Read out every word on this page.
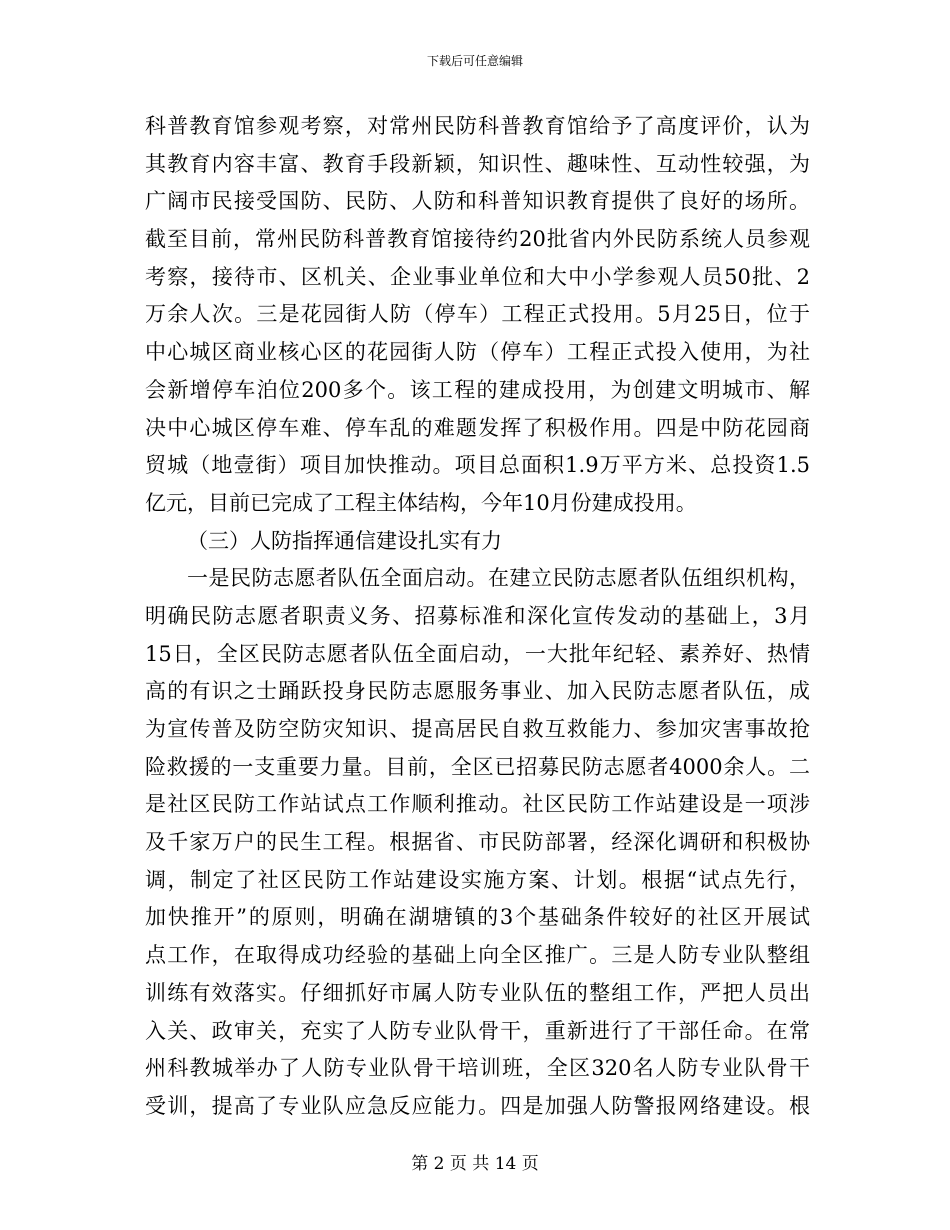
下载后可任意编辑
科普教育馆参观考察，对常州民防科普教育馆给予了高度评价，认为
其教育内容丰富、教育手段新颖，知识性、趣味性、互动性较强，为
广阔市民接受国防、民防、人防和科普知识教育提供了良好的场所。
截至目前，常州民防科普教育馆接待约20批省内外民防系统人员参观
考察，接待市、区机关、企业事业单位和大中小学参观人员50批、2
万余人次。三是花园街人防（停车）工程正式投用。5月25日，位于
中心城区商业核心区的花园街人防（停车）工程正式投入使用，为社
会新增停车泊位200多个。该工程的建成投用，为创建文明城市、解
决中心城区停车难、停车乱的难题发挥了积极作用。四是中防花园商
贸城（地壹街）项目加快推动。项目总面积1.9万平方米、总投资1.5
亿元，目前已完成了工程主体结构，今年10月份建成投用。
（三）人防指挥通信建设扎实有力
一是民防志愿者队伍全面启动。在建立民防志愿者队伍组织机构，
明确民防志愿者职责义务、招募标准和深化宣传发动的基础上，3月
15日，全区民防志愿者队伍全面启动，一大批年纪轻、素养好、热情
高的有识之士踊跃投身民防志愿服务事业、加入民防志愿者队伍，成
为宣传普及防空防灾知识、提高居民自救互救能力、参加灾害事故抢
险救援的一支重要力量。目前，全区已招募民防志愿者4000余人。二
是社区民防工作站试点工作顺利推动。社区民防工作站建设是一项涉
及千家万户的民生工程。根据省、市民防部署，经深化调研和积极协
调，制定了社区民防工作站建设实施方案、计划。根据“试点先行，
加快推开”的原则，明确在湖塘镇的3个基础条件较好的社区开展试
点工作，在取得成功经验的基础上向全区推广。三是人防专业队整组
训练有效落实。仔细抓好市属人防专业队伍的整组工作，严把人员出
入关、政审关，充实了人防专业队骨干，重新进行了干部任命。在常
州科教城举办了人防专业队骨干培训班，全区320名人防专业队骨干
受训，提高了专业队应急反应能力。四是加强人防警报网络建设。根
第 2 页 共 14 页
